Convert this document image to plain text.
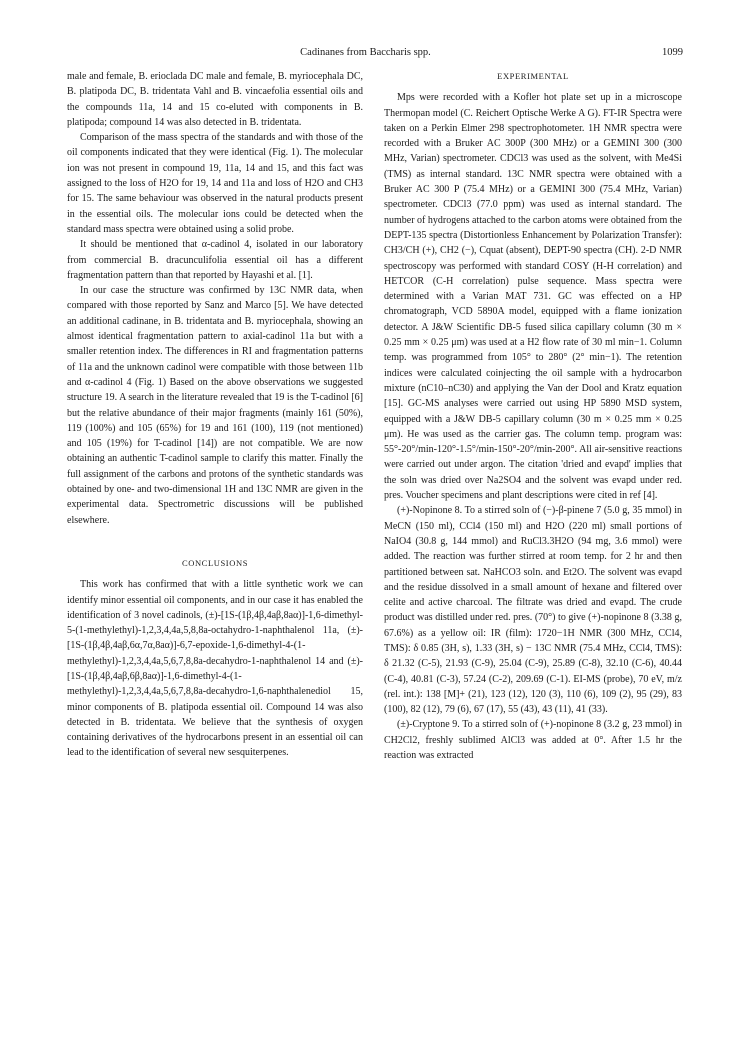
Cadinanes from Baccharis spp.	1099

male and female, B. erioclada DC male and female, B. myriocephala DC, B. platipoda DC, B. tridentata Vahl and B. vincaefolia essential oils and the compounds 11a, 14 and 15 co-eluted with components in B. platipoda; compound 14 was also detected in B. tridentata.

Comparison of the mass spectra of the standards and with those of the oil components indicated that they were identical (Fig. 1). The molecular ion was not present in compound 19, 11a, 14 and 15, and this fact was assigned to the loss of H2O for 19, 14 and 11a and loss of H2O and CH3 for 15. The same behaviour was observed in the natural products present in the essential oils. The molecular ions could be detected when the standard mass spectra were obtained using a solid probe.

It should be mentioned that α-cadinol 4, isolated in our laboratory from commercial B. dracunculifolia essential oil has a different fragmentation pattern than that reported by Hayashi et al. [1].

In our case the structure was confirmed by 13C NMR data, when compared with those reported by Sanz and Marco [5]. We have detected an additional cadinane, in B. tridentata and B. myriocephala, showing an almost identical fragmentation pattern to axial-cadinol 11a but with a smaller retention index. The differences in RI and fragmentation patterns of 11a and the unknown cadinol were compatible with those between 11b and α-cadinol 4 (Fig. 1) Based on the above observations we suggested structure 19. A search in the literature revealed that 19 is the T-cadinol [6] but the relative abundance of their major fragments (mainly 161 (50%), 119 (100%) and 105 (65%) for 19 and 161 (100), 119 (not mentioned) and 105 (19%) for T-cadinol [14]) are not compatible. We are now obtaining an authentic T-cadinol sample to clarify this matter. Finally the full assignment of the carbons and protons of the synthetic standards was obtained by one- and two-dimensional 1H and 13C NMR are given in the experimental data. Spectrometric discussions will be published elsewhere.

CONCLUSIONS

This work has confirmed that with a little synthetic work we can identify minor essential oil components, and in our case it has enabled the identification of 3 novel cadinols, (±)-[1S-(1β,4β,4aβ,8aα)]-1,6-dimethyl-5-(1-methylethyl)-1,2,3,4,4a,5,8,8a-octahydro-1-naphthalenol 11a, (±)-[1S-(1β,4β,4aβ,6α,7α,8aα)]-6,7-epoxide-1,6-dimethyl-4-(1-methylethyl)-1,2,3,4,4a,5,6,7,8,8a-decahydro-1-naphthalenol 14 and (±)-[1S-(1β,4β,4aβ,6β,8aα)]-1,6-dimethyl-4-(1-methylethyl)-1,2,3,4,4a,5,6,7,8,8a-decahydro-1,6-naphthalenediol 15, minor components of B. platipoda essential oil. Compound 14 was also detected in B. tridentata. We believe that the synthesis of oxygen containing derivatives of the hydrocarbons present in an essential oil can lead to the identification of several new sesquiterpenes.

EXPERIMENTAL

Mps were recorded with a Kofler hot plate set up in a microscope Thermopan model (C. Reichert Optische Werke A G). FT-IR Spectra were taken on a Perkin Elmer 298 spectrophotometer. 1H NMR spectra were recorded with a Bruker AC 300P (300 MHz) or a GEMINI 300 (300 MHz, Varian) spectrometer. CDCl3 was used as the solvent, with Me4Si (TMS) as internal standard. 13C NMR spectra were obtained with a Bruker AC 300 P (75.4 MHz) or a GEMINI 300 (75.4 MHz, Varian) spectrometer. CDCl3 (77.0 ppm) was used as internal standard. The number of hydrogens attached to the carbon atoms were obtained from the DEPT-135 spectra (Distortionless Enhancement by Polarization Transfer): CH3/CH (+), CH2 (−), Cquat (absent), DEPT-90 spectra (CH). 2-D NMR spectroscopy was performed with standard COSY (H-H correlation) and HETCOR (C-H correlation) pulse sequence. Mass spectra were determined with a Varian MAT 731. GC was effected on a HP chromatograph, VCD 5890A model, equipped with a flame ionization detector. A J&W Scientific DB-5 fused silica capillary column (30 m × 0.25 mm × 0.25 μm) was used at a H2 flow rate of 30 ml min−1. Column temp. was programmed from 105° to 280° (2° min−1). The retention indices were calculated coinjecting the oil sample with a hydrocarbon mixture (nC10–nC30) and applying the Van der Dool and Kratz equation [15]. GC-MS analyses were carried out using HP 5890 MSD system, equipped with a J&W DB-5 capillary column (30 m × 0.25 mm × 0.25 μm). He was used as the carrier gas. The column temp. program was: 55°-20°/min-120°-1.5°/min-150°-20°/min-200°. All air-sensitive reactions were carried out under argon. The citation 'dried and evapd' implies that the soln was dried over Na2SO4 and the solvent was evapd under red. pres. Voucher specimens and plant descriptions were cited in ref [4].

(+)-Nopinone 8. To a stirred soln of (−)-β-pinene 7 (5.0 g, 35 mmol) in MeCN (150 ml), CCl4 (150 ml) and H2O (220 ml) small portions of NaIO4 (30.8 g, 144 mmol) and RuCl3.3H2O (94 mg, 3.6 mmol) were added. The reaction was further stirred at room temp. for 2 hr and then partitioned between sat. NaHCO3 soln. and Et2O. The solvent was evapd and the residue dissolved in a small amount of hexane and filtered over celite and active charcoal. The filtrate was dried and evapd. The crude product was distilled under red. pres. (70°) to give (+)-nopinone 8 (3.38 g, 67.6%) as a yellow oil: IR (film): 1720−1H NMR (300 MHz, CCl4, TMS): δ 0.85 (3H, s), 1.33 (3H, s) − 13C NMR (75.4 MHz, CCl4, TMS): δ 21.32 (C-5), 21.93 (C-9), 25.04 (C-9), 25.89 (C-8), 32.10 (C-6), 40.44 (C-4), 40.81 (C-3), 57.24 (C-2), 209.69 (C-1). EI-MS (probe), 70 eV, m/z (rel. int.): 138 [M]+ (21), 123 (12), 120 (3), 110 (6), 109 (2), 95 (29), 83 (100), 82 (12), 79 (6), 67 (17), 55 (43), 43 (11), 41 (33).

(±)-Cryptone 9. To a stirred soln of (+)-nopinone 8 (3.2 g, 23 mmol) in CH2Cl2, freshly sublimed AlCl3 was added at 0°. After 1.5 hr the reaction was extracted
